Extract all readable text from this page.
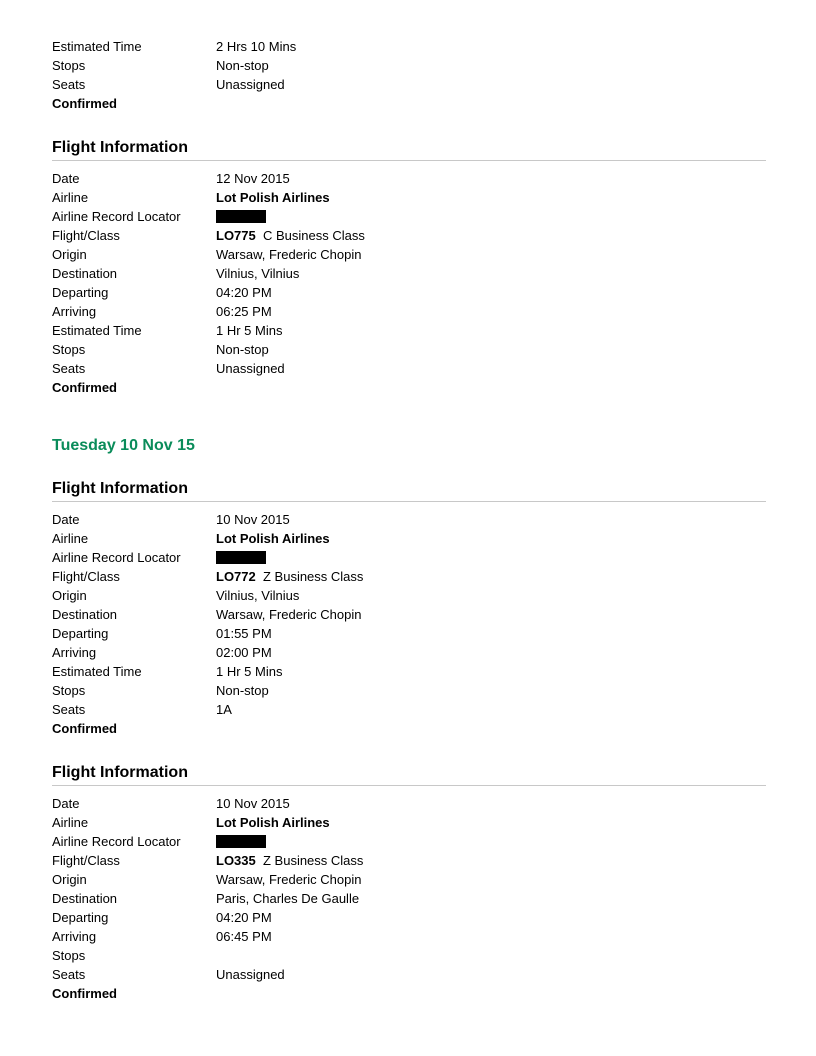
Estimated Time	2 Hrs 10 Mins
Stops	Non-stop
Seats	Unassigned
Confirmed
Flight Information
Date	12 Nov 2015
Airline	Lot Polish Airlines
Airline Record Locator
Flight/Class	LO775 C Business Class
Origin	Warsaw, Frederic Chopin
Destination	Vilnius, Vilnius
Departing	04:20 PM
Arriving	06:25 PM
Estimated Time	1 Hr 5 Mins
Stops	Non-stop
Seats	Unassigned
Confirmed
Tuesday 10 Nov 15
Flight Information
Date	10 Nov 2015
Airline	Lot Polish Airlines
Airline Record Locator
Flight/Class	LO772 Z Business Class
Origin	Vilnius, Vilnius
Destination	Warsaw, Frederic Chopin
Departing	01:55 PM
Arriving	02:00 PM
Estimated Time	1 Hr 5 Mins
Stops	Non-stop
Seats	1A
Confirmed
Flight Information
Date	10 Nov 2015
Airline	Lot Polish Airlines
Airline Record Locator
Flight/Class	LO335 Z Business Class
Origin	Warsaw, Frederic Chopin
Destination	Paris, Charles De Gaulle
Departing	04:20 PM
Arriving	06:45 PM
Stops
Seats	Unassigned
Confirmed
